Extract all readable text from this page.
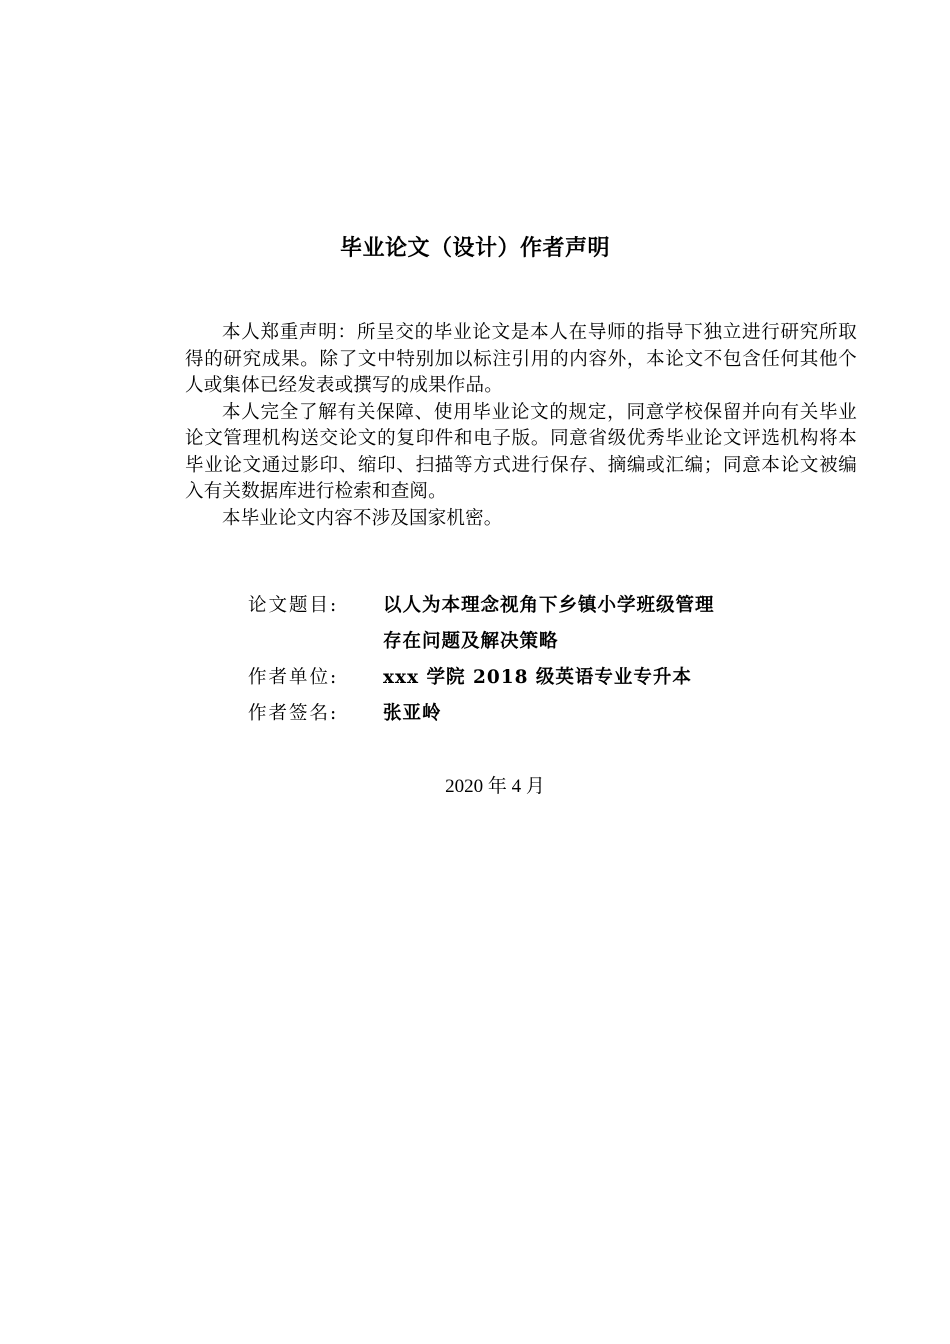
毕业论文（设计）作者声明

本人郑重声明：所呈交的毕业论文是本人在导师的指导下独立进行研究所取得的研究成果。除了文中特别加以标注引用的内容外，本论文不包含任何其他个人或集体已经发表或撰写的成果作品。

本人完全了解有关保障、使用毕业论文的规定，同意学校保留并向有关毕业论文管理机构送交论文的复印件和电子版。同意省级优秀毕业论文评选机构将本毕业论文通过影印、缩印、扫描等方式进行保存、摘编或汇编；同意本论文被编入有关数据库进行检索和查阅。

本毕业论文内容不涉及国家机密。

论文题目:	以人为本理念视角下乡镇小学班级管理
存在问题及解决策略
作者单位:	xxx 学院 2018 级英语专业专升本
作者签名:	张亚岭
2020 年 4 月
